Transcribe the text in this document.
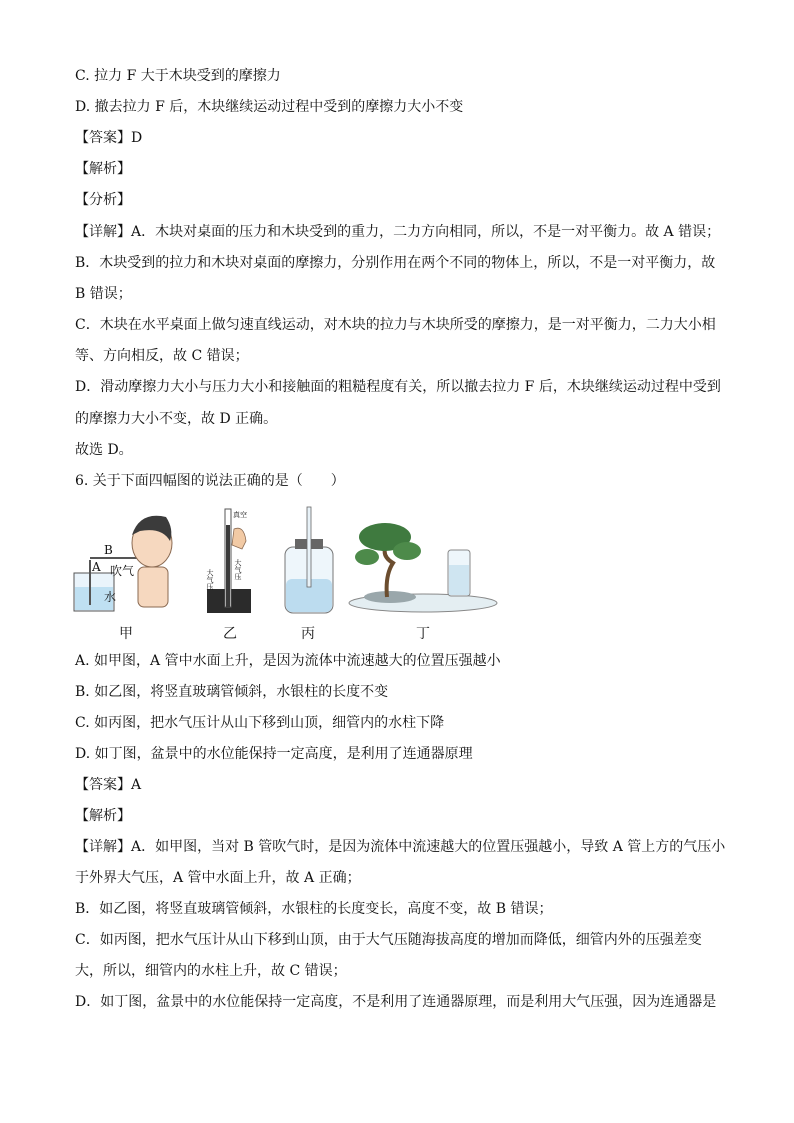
C. 拉力 F 大于木块受到的摩擦力
D. 撤去拉力 F 后，木块继续运动过程中受到的摩擦力大小不变
【答案】D
【解析】
【分析】
【详解】A．木块对桌面的压力和木块受到的重力，二力方向相同，所以，不是一对平衡力。故 A 错误；
B．木块受到的拉力和木块对桌面的摩擦力，分别作用在两个不同的物体上，所以，不是一对平衡力，故
B 错误；
C．木块在水平桌面上做匀速直线运动，对木块的拉力与木块所受的摩擦力，是一对平衡力，二力大小相
等、方向相反，故 C 错误；
D．滑动摩擦力大小与压力大小和接触面的粗糙程度有关，所以撤去拉力 F 后，木块继续运动过程中受到
的摩擦力大小不变，故 D 正确。
故选 D。
6. 关于下面四幅图的说法正确的是（　　）
B
A 吹气
水
甲
真空
大气压	大气压
乙	丙	丁
A. 如甲图，A 管中水面上升，是因为流体中流速越大的位置压强越小
B. 如乙图，将竖直玻璃管倾斜，水银柱的长度不变
C. 如丙图，把水气压计从山下移到山顶，细管内的水柱下降
D. 如丁图，盆景中的水位能保持一定高度，是利用了连通器原理
【答案】A
【解析】
【详解】A．如甲图，当对 B 管吹气时，是因为流体中流速越大的位置压强越小，导致 A 管上方的气压小
于外界大气压，A 管中水面上升，故 A 正确；
B．如乙图，将竖直玻璃管倾斜，水银柱的长度变长，高度不变，故 B 错误；
C．如丙图，把水气压计从山下移到山顶，由于大气压随海拔高度的增加而降低，细管内外的压强差变
大，所以，细管内的水柱上升，故 C 错误；
D．如丁图，盆景中的水位能保持一定高度，不是利用了连通器原理，而是利用大气压强，因为连通器是
